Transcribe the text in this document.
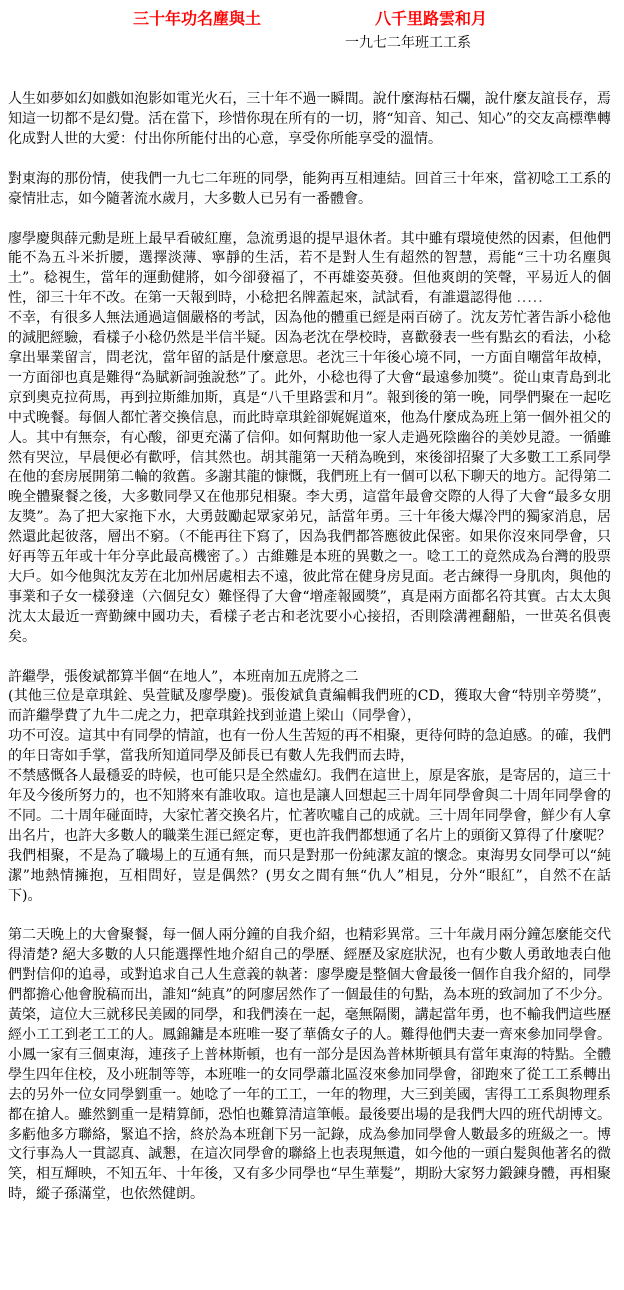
三十年功名塵與土	八千里路雲和月
一九七二年班工工系

人生如夢如幻如戲如泡影如電光火石，三十年不過一瞬間。說什麼海枯石爛，說什麼友誼長存，焉知這一切都不是幻覺。活在當下，珍惜你現在所有的一切，將“知音、知己、知心”的交友高標準轉化成對人世的大愛：付出你所能付出的心意，享受你所能享受的溫情。

對東海的那份情，使我們一九七二年班的同學，能夠再互相連結。回首三十年來，當初唸工工系的豪情壯志，如今隨著流水歲月，大多數人已另有一番體會。

廖學慶與薛元勳是班上最早看破紅塵，急流勇退的提早退休者。其中雖有環境使然的因素，但他們能不為五斗米折腰，選擇淡薄、寧靜的生活，若不是對人生有超然的智慧，焉能“三十功名塵與土”。稔視生，當年的運動健將，如今卻發福了，不再雄姿英發。但他爽朗的笑聲，平易近人的個性，卻三十年不改。在第一天報到時，小稔把名牌蓋起來，試試看，有誰還認得他 .....

不幸，有很多人無法通過這個嚴格的考試，因為他的體重已經是兩百磅了。沈友芳忙著告訴小稔他的減肥經驗，看樣子小稔仍然是半信半疑。因為老沈在學校時，喜歡發表一些有點玄的看法，小稔拿出畢業留言，問老沈，當年留的話是什麼意思。老沈三十年後心境不同，一方面自嘲當年故棹，一方面卻也真是難得“為賦新詞強說愁”了。此外，小稔也得了大會“最遠參加獎”。從山東青島到北京到奧克拉荷馬，再到拉斯維加斯，真是“八千里路雲和月”。報到後的第一晚，同學們聚在一起吃中式晚餐。每個人都忙著交換信息，而此時章琪銓卻娓娓道來，他為什麼成為班上第一個外祖父的人。其中有無奈，有心酸，卻更充滿了信仰。如何幫助他一家人走過死陰幽谷的美妙見證。一循雖然有哭泣，早晨便必有歡呼，信其然也。胡其龍第一天稍為晚到，來後卻招聚了大多數工工系同學在他的套房展開第二輪的敘舊。多謝其龍的慷慨，我們班上有一個可以私下聊天的地方。記得第二晚全體聚餐之後，大多數同學又在他那兒相聚。李大勇，這當年最會交際的人得了大會“最多女朋友獎”。為了把大家拖下水，大勇鼓勵起眾家弟兄，話當年勇。三十年後大爆冷門的獨家消息，居然還此起彼落，層出不窮。（不能再往下寫了，因為我們都答應彼此保密。如果你沒來同學會，只好再等五年或十年分享此最高機密了。）古維難是本班的異數之一。唸工工的竟然成為台灣的股票大戶。如今他與沈友芳在北加州居處相去不遠，彼此常在健身房見面。老古練得一身肌肉，與他的事業和子女一樣發達（六個兒女）難怪得了大會“增產報國獎”，真是兩方面都名符其實。古太太與沈太太最近一齊勤練中國功夫，看樣子老古和老沈要小心接招，否則陰溝裡翻船，一世英名俱喪矣。

許繼學，張俊斌都算半個“在地人”，本班南加五虎將之二

(其他三位是章琪銓、吳萱賦及廖學慶)。張俊斌負責編輯我們班的CD，獲取大會“特別辛勞獎”，而許繼學費了九牛二虎之力，把章琪銓找到並遣上梁山（同學會），

功不可沒。這其中有同學的情誼，也有一份人生苦短的再不相聚，更待何時的急迫感。的確，我們的年日寄如手掌，當我所知道同學及師長已有數人先我們而去時，

不禁感慨各人最穩妥的時候，也可能只是全然虛幻。我們在這世上，原是客旅，是寄居的，這三十年及今後所努力的，也不知將來有誰收取。這也是讓人回想起三十周年同學會與二十周年同學會的不同。二十周年碰面時，大家忙著交換名片，忙著吹噓自己的成就。三十周年同學會，鮮少有人拿出名片，也許大多數人的職業生涯已經定奪，更也許我們都想通了名片上的頭銜又算得了什麼呢？我們相聚，不是為了職場上的互通有無，而只是對那一份純潔友誼的懷念。東海男女同學可以“純潔”地熱情擁抱，互相問好，豈是偶然？(男女之間有無“仇人”相見，分外“眼紅”，自然不在話下)。

第二天晚上的大會聚餐，每一個人兩分鐘的自我介紹，也精彩異常。三十年歲月兩分鐘怎麼能交代得清楚? 絕大多數的人只能選擇性地介紹自己的學歷、經歷及家庭狀況，也有少數人勇敢地表白他們對信仰的追尋，或對追求自己人生意義的執著：廖學慶是整個大會最後一個作自我介紹的，同學們都擔心他會脫稿而出，誰知“純真”的阿廖居然作了一個最佳的句點，為本班的致詞加了不少分。黃棨，這位大三就移民美國的同學，和我們湊在一起，毫無隔閡，講起當年勇，也不輸我們這些歷經小工工到老工工的人。鳳錦鏞是本班唯一娶了華僑女子的人。難得他們夫妻一齊來參加同學會。小鳳一家有三個東海，連孩子上普林斯頓，也有一部分是因為普林斯頓具有當年東海的特點。全體學生四年住校，及小班制等等，本班唯一的女同學蕭北區沒來參加同學會，卻跑來了從工工系轉出去的另外一位女同學劉重一。她唸了一年的工工，一年的物理，大三到美國，害得工工系與物理系都在搶人。雖然劉重一是精算師，恐怕也難算清這筆帳。最後要出場的是我們大四的班代胡博文。多虧他多方聯絡，緊追不捨，終於為本班創下另一記錄，成為參加同學會人數最多的班級之一。博文行事為人一貫認真、誠懇，在這次同學會的聯絡上也表現無遺，如今他的一頭白髮與他著名的微笑，相互輝映，不知五年、十年後，又有多少同學也“早生華髮”，期盼大家努力鍛鍊身體，再相聚時，縱子孫滿堂，也依然健朗。
